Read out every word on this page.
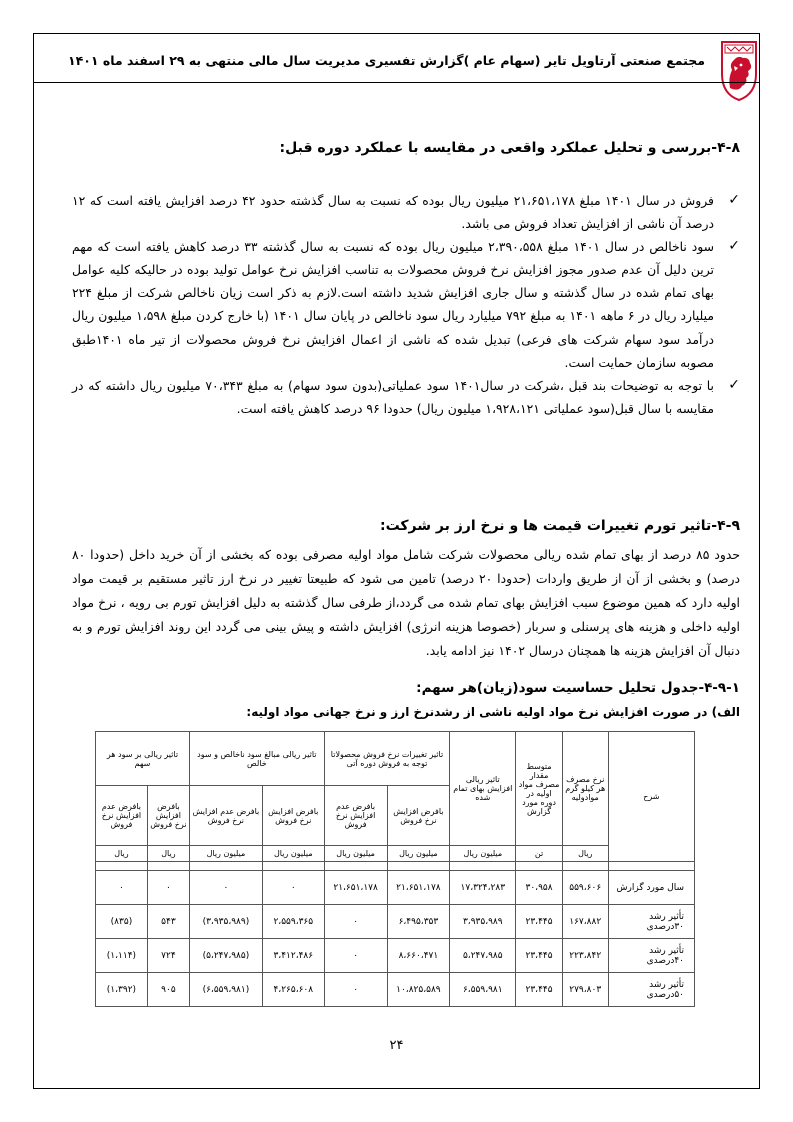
مجتمع صنعتی آرتاویل تایر (سهام عام )
گزارش تفسیری مدیریت سال مالی منتهی به ۲۹ اسفند ماه ۱۴۰۱
۴-۸-بررسی و تحلیل عملکرد واقعی در مقایسه با عملکرد دوره قبل:

✓
فروش در سال ۱۴۰۱ مبلغ ۲۱،۶۵۱،۱۷۸ میلیون ریال بوده که نسبت به سال گذشته حدود ۴۲ درصد افزایش یافته است که ۱۲ درصد آن ناشی از افزایش تعداد فروش می باشد.

✓
سود ناخالص در سال ۱۴۰۱ مبلغ ۲،۳۹۰،۵۵۸ میلیون ریال بوده که نسبت به سال گذشته ۳۳ درصد کاهش یافته است که مهم ترین دلیل آن عدم صدور مجوز افزایش نرخ فروش محصولات به تناسب افزایش نرخ عوامل تولید بوده در حالیکه کلیه عوامل بهای تمام شده در سال گذشته و سال جاری افزایش شدید داشته است.لازم به ذکر است زیان ناخالص شرکت از مبلغ ۲۲۴ میلیارد ریال در ۶ ماهه ۱۴۰۱ به مبلغ ۷۹۲ میلیارد ریال سود ناخالص در پایان سال ۱۴۰۱ (با خارج کردن مبلغ ۱،۵۹۸ میلیون ریال درآمد سود سهام شرکت های فرعی) تبدیل شده که ناشی از اعمال افزایش نرخ فروش محصولات از تیر ماه ۱۴۰۱طبق مصوبه سازمان حمایت است.

✓
با توجه به توضیحات بند قبل ،شرکت در سال۱۴۰۱ سود عملیاتی(بدون سود سهام) به مبلغ ۷۰،۳۴۳ میلیون ریال داشته که در مقایسه با سال قبل(سود عملیاتی ۱،۹۲۸،۱۲۱ میلیون ریال) حدودا ۹۶ درصد کاهش یافته است.

۴-۹-تاثیر تورم تغییرات قیمت ها و نرخ ارز بر شرکت:
حدود ۸۵ درصد از بهای تمام شده ریالی محصولات شرکت شامل مواد اولیه مصرفی بوده که بخشی از آن خرید داخل (حدودا ۸۰ درصد) و بخشی از آن از طریق واردات (حدودا ۲۰ درصد) تامین می شود که طبیعتا تغییر در نرخ ارز تاثیر مستقیم بر قیمت مواد اولیه دارد که همین موضوع سبب افزایش بهای تمام شده می گردد،از طرفی سال گذشته به دلیل افزایش تورم بی رویه ، نرخ مواد اولیه داخلی و هزینه های پرسنلی و سربار (خصوصا هزینه انرژی) افزایش داشته و پیش بینی می گردد این روند افزایش تورم و به دنبال آن افزایش هزینه ها همچنان درسال ۱۴۰۲ نیز ادامه یابد.
۴-۹-۱-جدول تحلیل حساسیت سود(زیان)هر سهم:
الف) در صورت افزایش نرخ مواد اولیه ناشی از رشدنرخ ارز و نرخ جهانی مواد اولیه:
شرح	نرخ مصرف هر کیلو گرم موادولیه	متوسط مقدار مصرف مواد اولیه در دوره مورد گزارش	تاثیر ریالی افزایش بهای تمام شده	تاثیر تغییرات نرخ فروش محصولاتا توجه به فروش دوره آتی		تاثیر ریالی مبالغ سود ناخالص و سود خالص		تاثیر ریالی بر سود هر سهم	
				بافرض افزایش نرخ فروش	بافرض عدم افزایش نرخ فروش	بافرض افزایش نرخ فروش	بافرض عدم افزایش نرخ فروش	بافرض افزایش نرخ فروش	بافرض عدم افزایش نرخ فروش
	ریال	تن	میلیون ریال	میلیون ریال	میلیون ریال	میلیون ریال	میلیون ریال	ریال	ریال

سال مورد گزارش	۵۵۹،۶۰۶	۳۰،۹۵۸	۱۷،۳۲۴،۲۸۳	۲۱،۶۵۱،۱۷۸	۲۱،۶۵۱،۱۷۸	۰	۰	۰	۰
تأثیر رشد ۳۰درصدی	۱۶۷،۸۸۲	۲۳،۴۴۵	۳،۹۳۵،۹۸۹	۶،۴۹۵،۳۵۳	۰	۲،۵۵۹،۳۶۵	(۳،۹۳۵،۹۸۹)	۵۴۳	(۸۳۵)
تأثیر رشد ۴۰درصدی	۲۲۳،۸۴۲	۲۳،۴۴۵	۵،۲۴۷،۹۸۵	۸،۶۶۰،۴۷۱	۰	۳،۴۱۲،۴۸۶	(۵،۲۴۷،۹۸۵)	۷۲۴	(۱،۱۱۴)
تأثیر رشد ۵۰درصدی	۲۷۹،۸۰۳	۲۳،۴۴۵	۶،۵۵۹،۹۸۱	۱۰،۸۲۵،۵۸۹	۰	۴،۲۶۵،۶۰۸	(۶،۵۵۹،۹۸۱)	۹۰۵	(۱،۳۹۲)
۲۴
